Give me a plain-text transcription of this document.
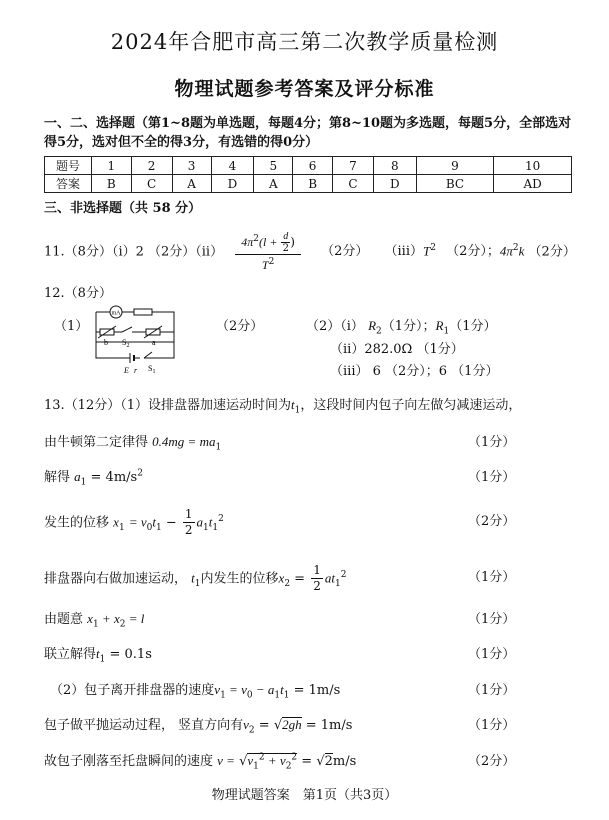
2024年合肥市高三第二次教学质量检测
物理试题参考答案及评分标准
一、二、选择题（第1~8题为单选题，每题4分；第8~10题为多选题，每题5分，全部选对得5分，选对但不全的得3分，有选错的得0分）
题号	1	2	3	4	5	6	7	8	9	10
答案	B	C	A	D	A	B	C	D	BC	AD
三、非选择题（共 58 分）
11.（8分）（i）2 （2分）$(ii) \frac{4\pi^2(l + \frac{d}{2} )}{T^2} (2$分） $(iii)T^2$ （2分）；$4\pi^2k$ （2分）
12.（8分）
（1）
mA
b $S_2$	a
E r $S_1$
（2分）	（2）（i） $R_2(1$分）；$R_1(1$分）
（ii）282.0Ω （1分）
（iii） 6 （2分）；6 （1分）
13.（12分）（1）设排盘器加速运动时间为$t_1$，这段时间内包子向左做匀减速运动，
由牛顿第二定律得 $0.4mg = ma_1$	（1分）
解得 $a_1 = 4m/s^2$	（1分）
发生的位移 $x_1 = v_0t_1 - \frac{1}{2} a_1t_1^2$	（2分）
排盘器向右做加速运动， $t_1$内发生的位移$x_2 = \frac{1}{2} at_1^2$	（1分）
由题意 $x_1 + x_2 = l$	（1分）
联立解得$t_1 = 0.1s$	（1分）
（2）包子离开排盘器的速度$v_1 = v_0 - a_1t_1 = 1m/s$	（1分）
包子做平抛运动过程， 竖直方向有$v_2 = √2gh = 1m/s$	（1分）
故包子刚落至托盘瞬间的速度 $v = √v_1^2 + v_2^2 = √2m/s$	（2分）
物理试题答案　第1页（共3页）
